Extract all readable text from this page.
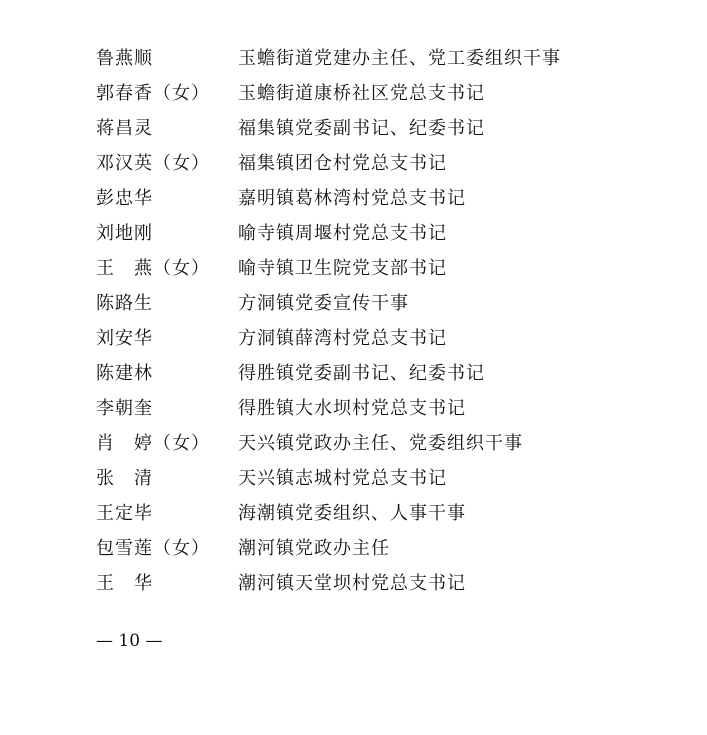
鲁燕顺	玉蟾街道党建办主任、党工委组织干事
郭春香（女）	玉蟾街道康桥社区党总支书记
蒋昌灵	福集镇党委副书记、纪委书记
邓汉英（女）	福集镇团仓村党总支书记
彭忠华	嘉明镇葛林湾村党总支书记
刘地刚	喻寺镇周堰村党总支书记
王　燕（女）	喻寺镇卫生院党支部书记
陈路生	方洞镇党委宣传干事
刘安华	方洞镇薛湾村党总支书记
陈建林	得胜镇党委副书记、纪委书记
李朝奎	得胜镇大水坝村党总支书记
肖　婷（女）	天兴镇党政办主任、党委组织干事
张　清	天兴镇志城村党总支书记
王定毕	海潮镇党委组织、人事干事
包雪莲（女）	潮河镇党政办主任
王　华	潮河镇天堂坝村党总支书记
— 10 —
